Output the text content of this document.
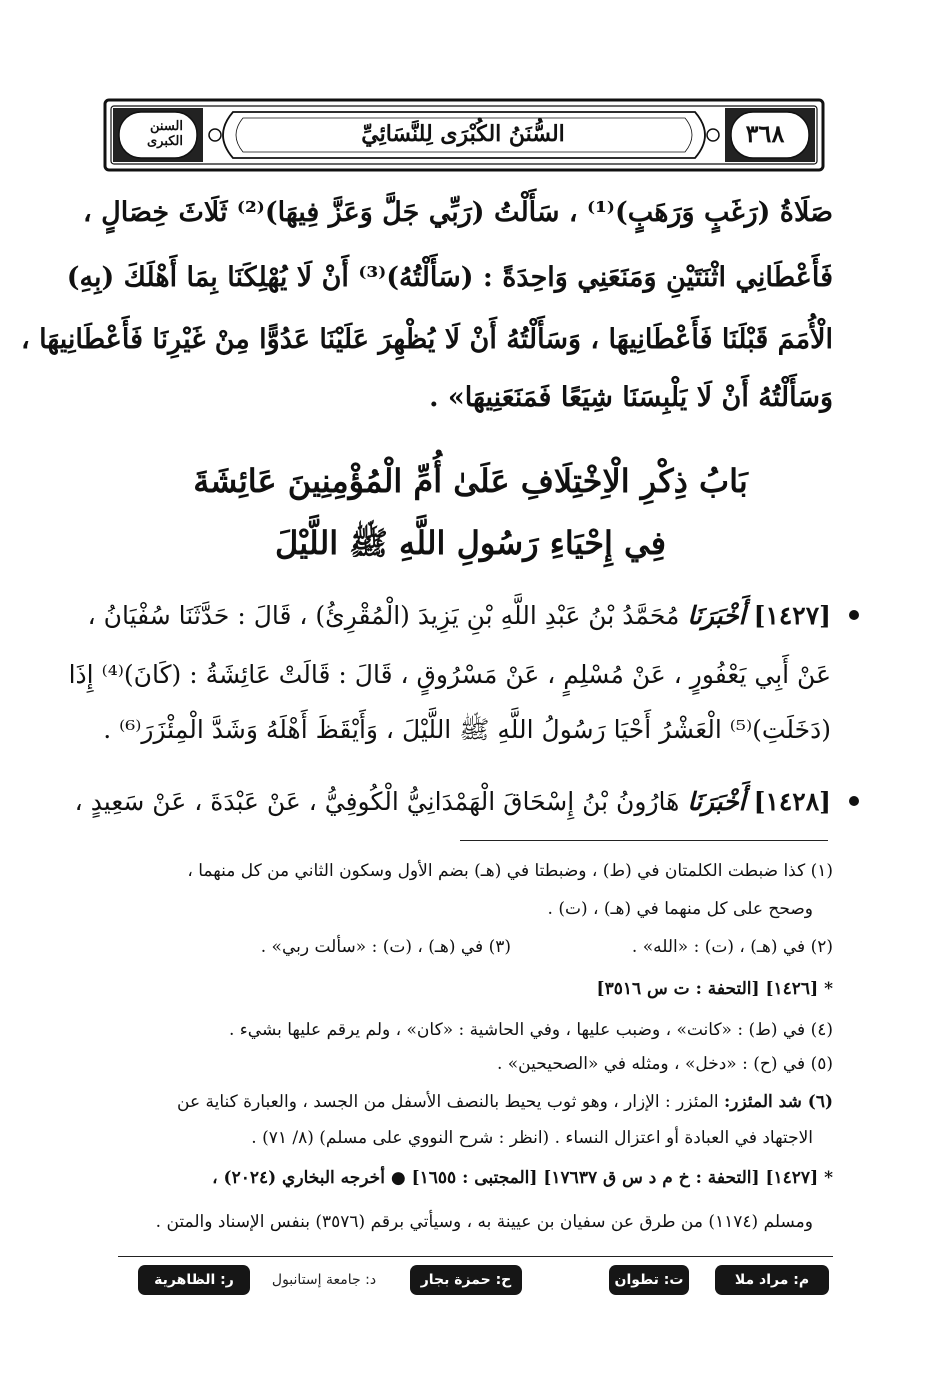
السنن الكبرى	السُّنَنُ الكُبْرَى لِلنَّسَائِيِّ	٣٦٨
صَلَاةُ (رَغَبٍ وَرَهَبٍ)⁽¹⁾ ، سَأَلْتُ (رَبِّي جَلَّ وَعَزَّ فِيهَا)⁽²⁾ ثَلَاثَ خِصَالٍ ،
فَأَعْطَانِي اثْنَتَيْنِ وَمَنَعَنِي وَاحِدَةً : (سَأَلْتُهُ)⁽³⁾ أَنْ لَا يُهْلِكَنَا بِمَا أَهْلَكَ (بِهِ)
الْأُمَمَ قَبْلَنَا فَأَعْطَانِيهَا ، وَسَأَلْتُهُ أَنْ لَا يُظْهِرَ عَلَيْنَا عَدُوًّا مِنْ غَيْرِنَا فَأَعْطَانِيهَا ،
وَسَأَلْتُهُ أَنْ لَا يَلْبِسَنَا شِيَعًا فَمَنَعَنِيهَا» .
بَابُ ذِكْرِ الْاِخْتِلَافِ عَلَىٰ أُمِّ الْمُؤْمِنِينَ عَائِشَةَ
فِي إِحْيَاءِ رَسُولِ اللَّهِ ﷺ اللَّيْلَ
[١٤٢٧] أَخْبَرَنَا مُحَمَّدُ بْنُ عَبْدِ اللَّهِ بْنِ يَزِيدَ (الْمُقْرِئُ) ، قَالَ : حَدَّثَنَا سُفْيَانُ ،
عَنْ أَبِي يَعْفُورٍ ، عَنْ مُسْلِمٍ ، عَنْ مَسْرُوقٍ ، قَالَ : قَالَتْ عَائِشَةُ : (كَانَ)⁽⁴⁾ إِذَا
(دَخَلَتِ)⁽⁵⁾ الْعَشْرُ أَحْيَا رَسُولُ اللَّهِ ﷺ اللَّيْلَ ، وَأَيْقَظَ أَهْلَهُ وَشَدَّ الْمِئْزَرَ⁽⁶⁾ .
[١٤٢٨] أَخْبَرَنَا هَارُونُ بْنُ إِسْحَاقَ الْهَمْدَانِيُّ الْكُوفِيُّ ، عَنْ عَبْدَةَ ، عَنْ سَعِيدٍ ،
(١) كذا ضبطت الكلمتان في (ط) ، وضبطتا في (هـ) بضم الأول وسكون الثاني من كل منهما ،
وصحح على كل منهما في (هـ) ، (ت) .
(٢) في (هـ) ، (ت) : «الله» .
(٣) في (هـ) ، (ت) : «سألت ربي» .
*[١٤٢٦] [التحفة : ت س ٣٥١٦]
(٤) في (ط) : «كانت» ، وضبب عليها ، وفي الحاشية : «كان» ، ولم يرقم عليها بشيء .
(٥) في (ح) : «دخل» ، ومثله في «الصحيحين» .
(٦) شد المئزر: المئزر : الإزار ، وهو ثوب يحيط بالنصف الأسفل من الجسد ، والعبارة كناية عن
الاجتهاد في العبادة أو اعتزال النساء . (انظر : شرح النووي على مسلم) (٨/ ٧١) .
*[١٤٢٧] [التحفة : خ م د س ق ١٧٦٣٧] [المجتبى : ١٦٥٥] ● أخرجه البخاري (٢٠٢٤) ،
ومسلم (١١٧٤) من طرق عن سفيان بن عيينة به ، وسيأتي برقم (٣٥٧٦) بنفس الإسناد والمتن .
م: مراد ملا
ت: تطوان
ح: حمزة بجار الله
د: جامعة إستانبول
ر: الظاهرية
